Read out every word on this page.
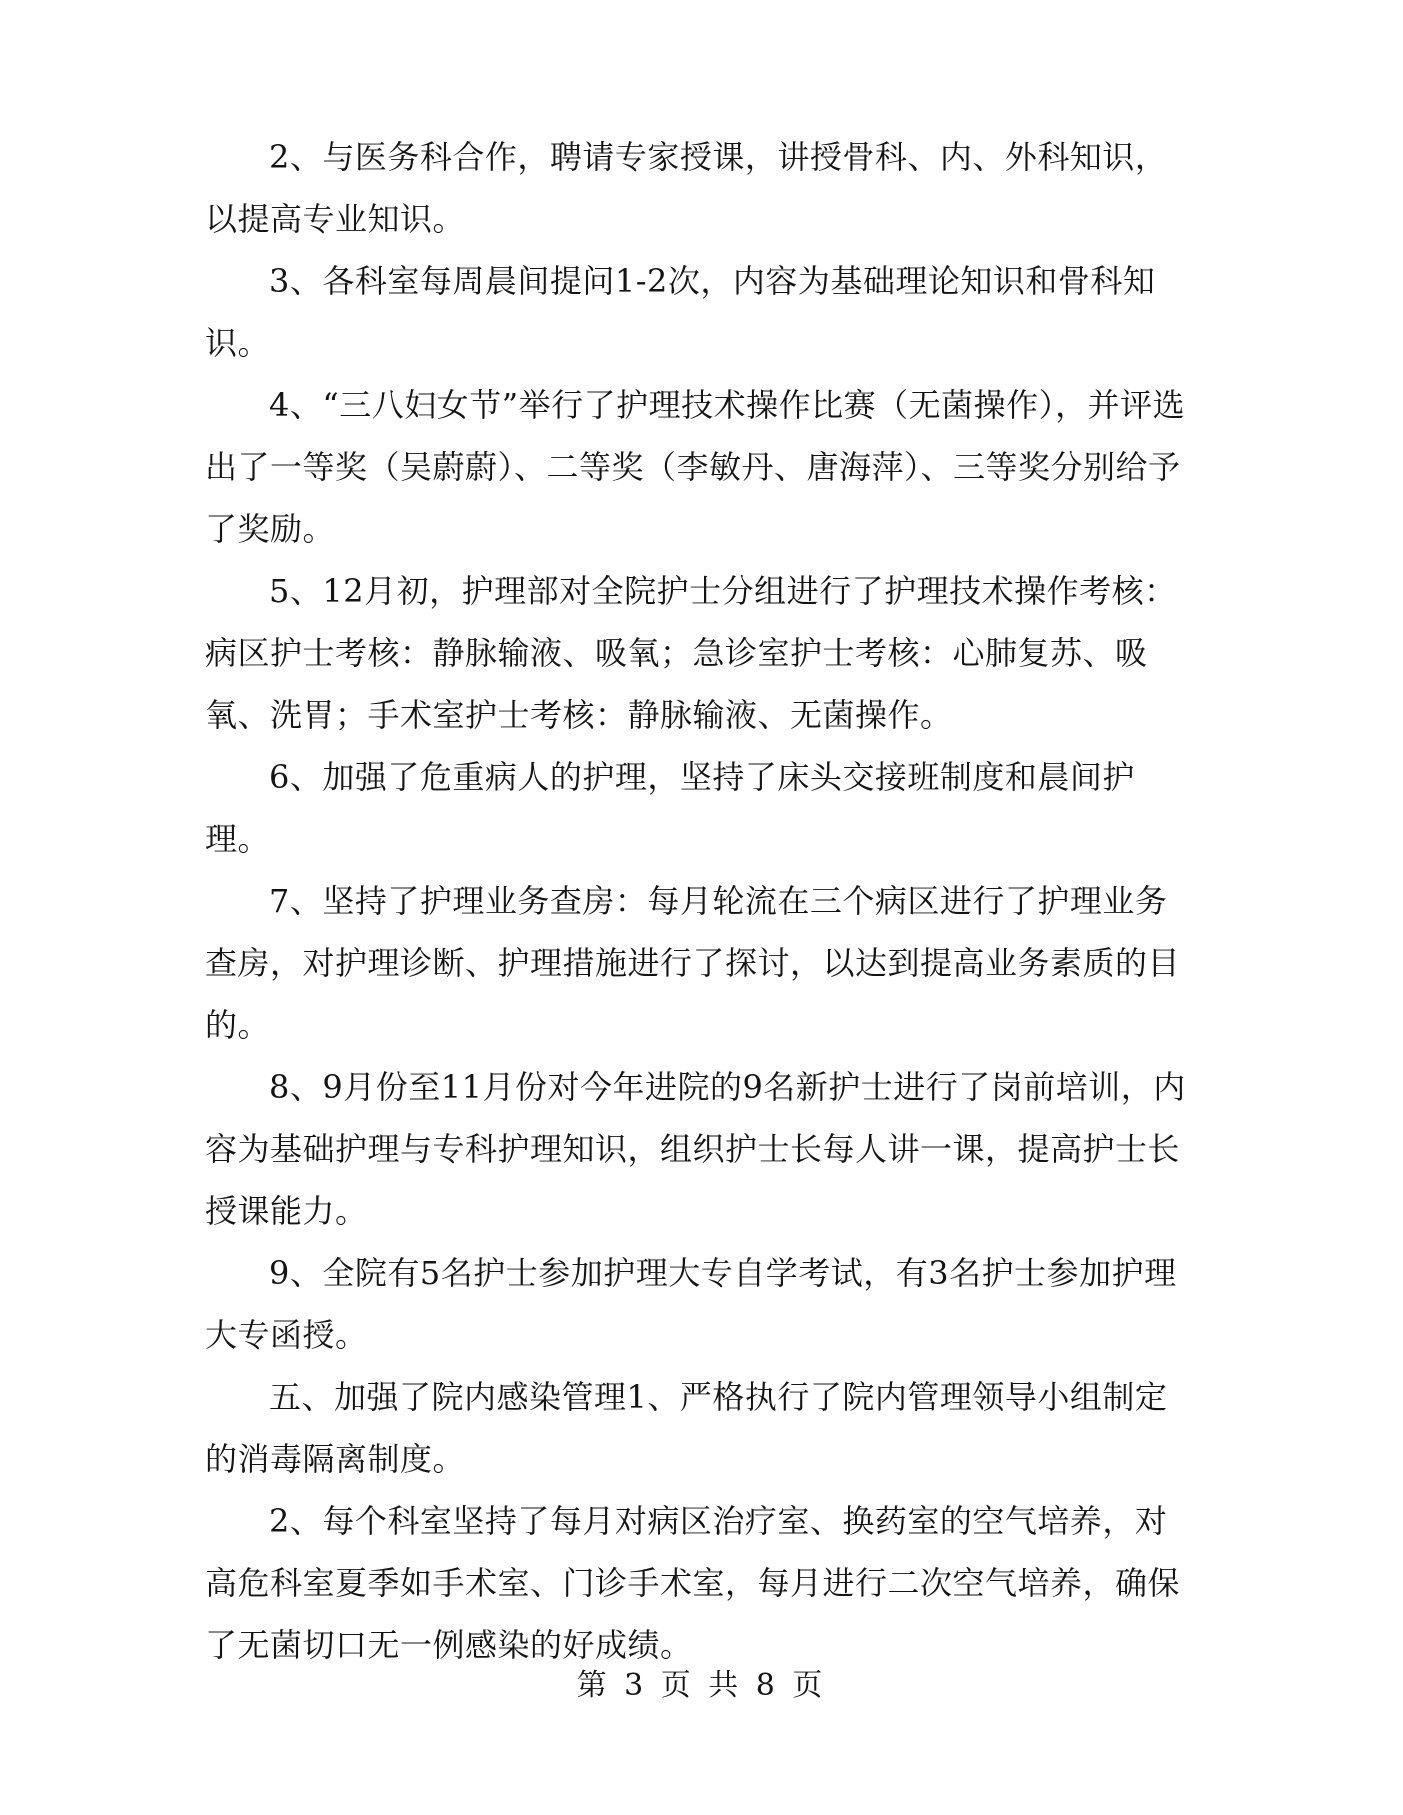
2、与医务科合作，聘请专家授课，讲授骨科、内、外科知识，以提高专业知识。

3、各科室每周晨间提问1-2次，内容为基础理论知识和骨科知识。

4、“三八妇女节”举行了护理技术操作比赛（无菌操作），并评选出了一等奖（吴蔚蔚）、二等奖（李敏丹、唐海萍）、三等奖分别给予了奖励。

5、12月初，护理部对全院护士分组进行了护理技术操作考核：病区护士考核：静脉输液、吸氧；急诊室护士考核：心肺复苏、吸氧、洗胃；手术室护士考核：静脉输液、无菌操作。

6、加强了危重病人的护理，坚持了床头交接班制度和晨间护理。

7、坚持了护理业务查房：每月轮流在三个病区进行了护理业务查房，对护理诊断、护理措施进行了探讨，以达到提高业务素质的目的。

8、9月份至11月份对今年进院的9名新护士进行了岗前培训，内容为基础护理与专科护理知识，组织护士长每人讲一课，提高护士长授课能力。

9、全院有5名护士参加护理大专自学考试，有3名护士参加护理大专函授。

五、加强了院内感染管理1、严格执行了院内管理领导小组制定的消毒隔离制度。

2、每个科室坚持了每月对病区治疗室、换药室的空气培养，对高危科室夏季如手术室、门诊手术室，每月进行二次空气培养，确保了无菌切口无一例感染的好成绩。

第 3 页 共 8 页
